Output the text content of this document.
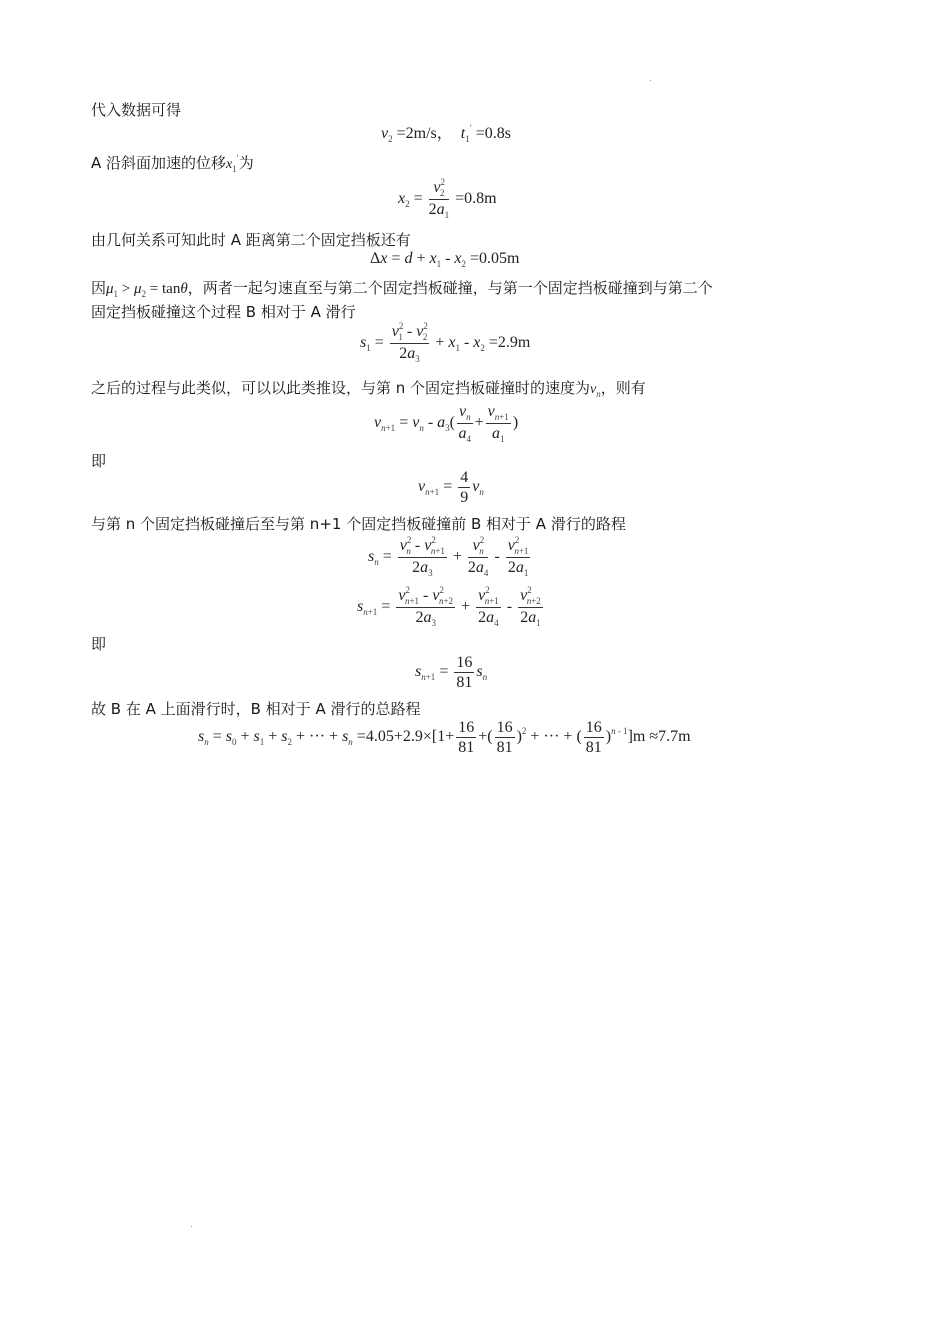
代入数据可得
$v_2 =2m/s$， $t_1' =0.8s$
A 沿斜面加速的位移$x_1'$为
$x_2 = \frac{v^2_2}{2a_1} =0.8m$
由几何关系可知此时 A 距离第二个固定挡板还有
$\Delta x = d + x_1 - x_2 =0.05m$
因$\mu_1 > \mu_2 = \tan\theta$，两者一起匀速直至与第二个固定挡板碰撞，与第一个固定挡板碰撞到与第二个
固定挡板碰撞这个过程 B 相对于 A 滑行
$s_1 = \frac{v^2_1 - v^2_2}{2a_3} + x_1 - x_2 =2.9m$
之后的过程与此类似，可以以此类推设，与第 n 个固定挡板碰撞时的速度为$v_n$，则有
$v_{n+1} = v_n - a_3( \frac{v_n}{a_4} + \frac{v_{n+1}}{a_1}$ )
即
$v_{n+1} = \frac{4}{9} v_n$
与第 n 个固定挡板碰撞后至与第 n+1 个固定挡板碰撞前 B 相对于 A 滑行的路程
$s_n = \frac{v^2_n - v^2_{n+1}}{2a_3} + \frac{v^2_n}{2a_4} - \frac{v^2_{n+1}}{2a_1}$
$s_{n+1} = \frac{v^2_{n+1} - v^2_{n+2}}{2a_3} + \frac{v^2_{n+1}}{2a_4} - \frac{v^2_{n+2}}{2a_1}$
即
$s_{n+1} = \frac{16}{81} s_n$
故 B 在 A 上面滑行时，B 相对于 A 滑行的总路程
$s_n = s_0 + s_1 + s_2$ + ··· + $s_n =4.05+2.9\times[1+ \frac{16}{81}$ +( $\frac{16}{81} )^2$ + ··· + ( $\frac{16}{81} )^{n - 1}]m \approx 7.7m$
